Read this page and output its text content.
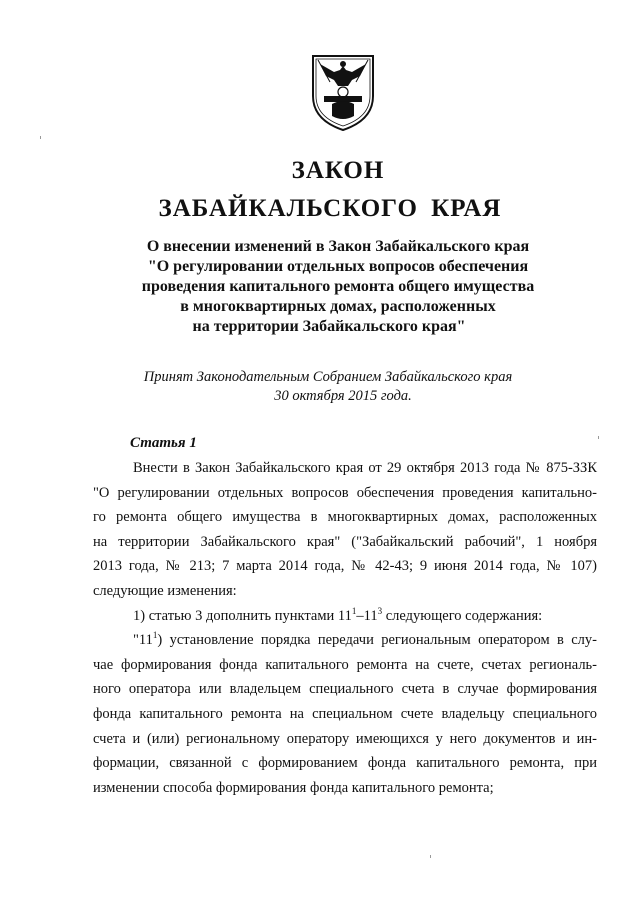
ЗАКОН
ЗАБАЙКАЛЬСКОГО КРАЯ
О внесении изменений в Закон Забайкальского края
"О регулировании отдельных вопросов обеспечения
проведения капитального ремонта общего имущества
в многоквартирных домах, расположенных
на территории Забайкальского края"
Принят Законодательным Собранием Забайкальского края
30 октября 2015 года.
Статья 1
Внести в Закон Забайкальского края от 29 октября 2013 года № 875-ЗЗК
"О регулировании отдельных вопросов обеспечения проведения капитально-
го ремонта общего имущества в многоквартирных домах, расположенных
на территории Забайкальского края" ("Забайкальский рабочий", 1 ноября
2013 года, № 213; 7 марта 2014 года, № 42-43; 9 июня 2014 года, № 107)
следующие изменения:
1) статью 3 дополнить пунктами $11^1-11^3$ следующего содержания:
"$11^1$) установление порядка передачи региональным оператором в слу-
чае формирования фонда капитального ремонта на счете, счетах региональ-
ного оператора или владельцем специального счета в случае формирования
фонда капитального ремонта на специальном счете владельцу специального
счета и (или) региональному оператору имеющихся у него документов и ин-
формации, связанной с формированием фонда капитального ремонта, при
изменении способа формирования фонда капитального ремонта;
